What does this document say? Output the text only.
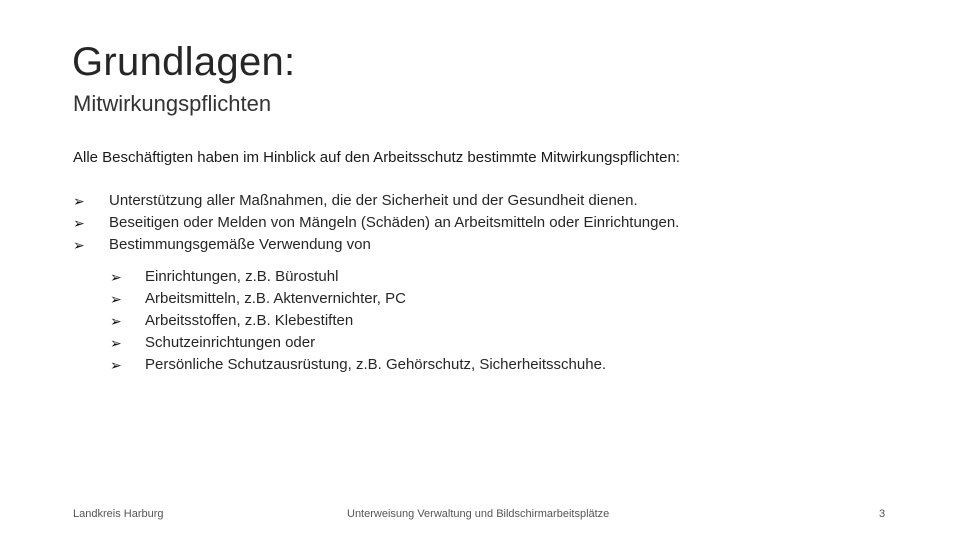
Grundlagen:
Mitwirkungspflichten
Alle Beschäftigten haben im Hinblick auf den Arbeitsschutz bestimmte Mitwirkungspflichten:
➢ Unterstützung aller Maßnahmen, die der Sicherheit und der Gesundheit dienen.
➢ Beseitigen oder Melden von Mängeln (Schäden) an Arbeitsmitteln oder Einrichtungen.
➢ Bestimmungsgemäße Verwendung von
➢ Einrichtungen, z.B. Bürostuhl
➢ Arbeitsmitteln, z.B. Aktenvernichter, PC
➢ Arbeitsstoffen, z.B. Klebestiften
➢ Schutzeinrichtungen oder
➢ Persönliche Schutzausrüstung, z.B. Gehörschutz, Sicherheitsschuhe.
Landkreis Harburg	Unterweisung Verwaltung und Bildschirmarbeitsplätze	3
